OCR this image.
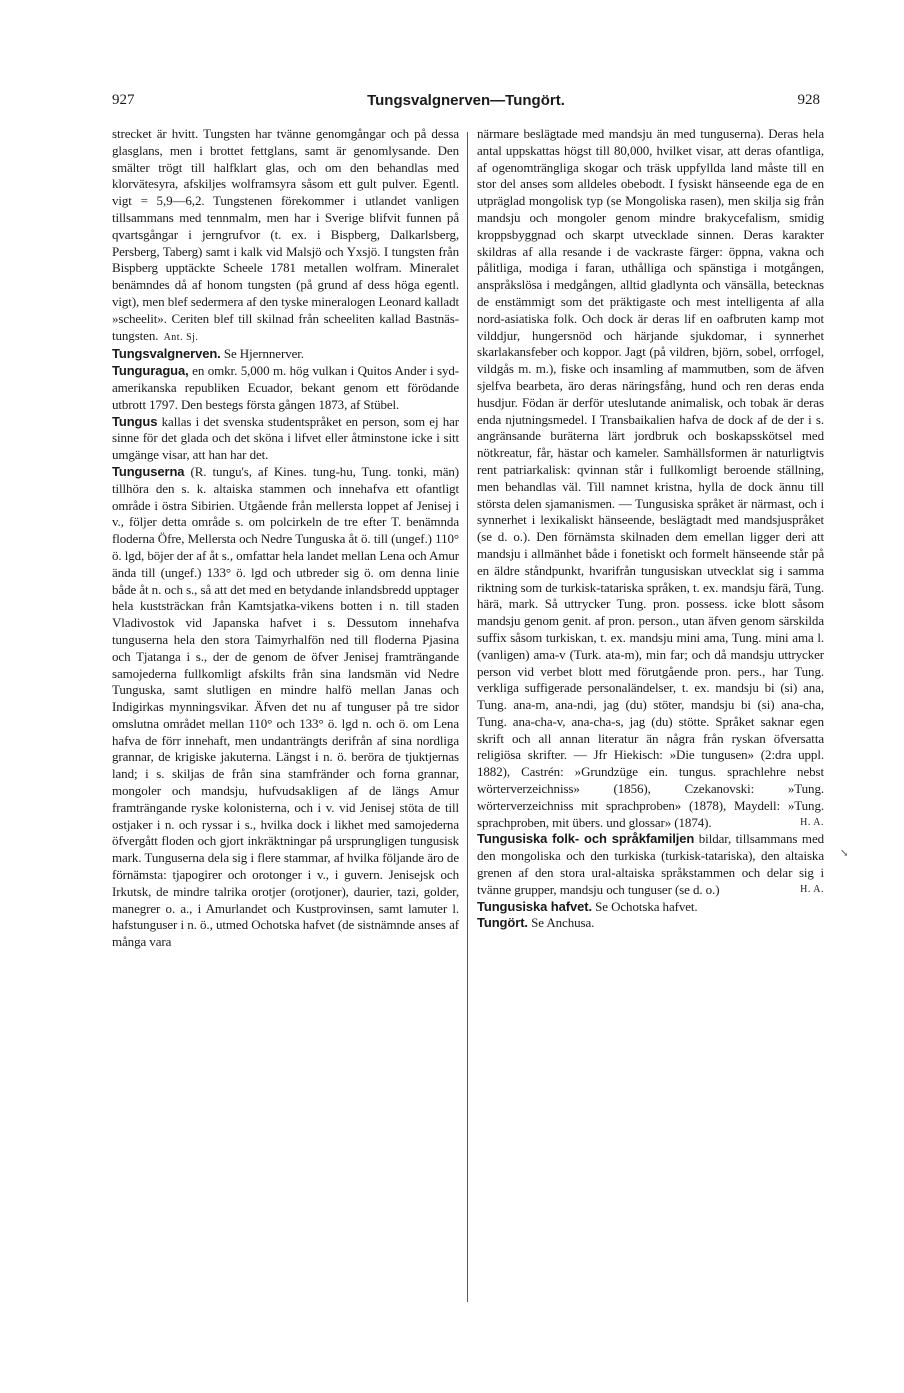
927	Tungsvalgnerven—Tungört.	928

strecket är hvitt. Tungsten har tvänne genomgångar och på dessa glasglans, men i brottet fettglans, samt är genomlysande. Den smälter trögt till halfklart glas, och om den behandlas med klorvätesyra, afskiljes wolframsyra såsom ett gult pulver. Egentl. vigt = 5,9—6,2. Tungstenen förekommer i utlandet vanligen tillsammans med tennmalm, men har i Sverige blifvit funnen på qvartsgångar i jerngrufvor (t. ex. i Bispberg, Dalkarlsberg, Persberg, Taberg) samt i kalk vid Malsjö och Yxsjö. I tungsten från Bispberg upptäckte Scheele 1781 metallen wolfram. Mineralet benämndes då af honom tungsten (på grund af dess höga egentl. vigt), men blef sedermera af den tyske mineralogen Leonard kalladt »scheelit». Ceriten blef till skilnad från scheeliten kallad Bastnäs-tungsten. Ant. Sj.

Tungsvalgnerven. Se Hjernnerver.

Tunguragua, en omkr. 5,000 m. hög vulkan i Quitos Ander i syd-amerikanska republiken Ecuador, bekant genom ett förödande utbrott 1797. Den bestegs första gången 1873, af Stübel.

Tungus kallas i det svenska studentspråket en person, som ej har sinne för det glada och det sköna i lifvet eller åtminstone icke i sitt umgänge visar, att han har det.

Tunguserna (R. tungu's, af Kines. tung-hu, Tung. tonki, män) tillhöra den s. k. altaiska stammen och innehafva ett ofantligt område i östra Sibirien. Utgående från mellersta loppet af Jenisej i v., följer detta område s. om polcirkeln de tre efter T. benämnda floderna Öfre, Mellersta och Nedre Tunguska åt ö. till (ungef.) 110° ö. lgd, böjer der af åt s., omfattar hela landet mellan Lena och Amur ända till (ungef.) 133° ö. lgd och utbreder sig ö. om denna linie både åt n. och s., så att det med en betydande inlandsbredd upptager hela kuststräckan från Kamtsjatka-vikens botten i n. till staden Vladivostok vid Japanska hafvet i s. Dessutom innehafva tunguserna hela den stora Taimyrhalfön ned till floderna Pjasina och Tjatanga i s., der de genom de öfver Jenisej framträngande samojederna fullkomligt afskilts från sina landsmän vid Nedre Tunguska, samt slutligen en mindre halfö mellan Janas och Indigirkas mynningsvikar. Äfven det nu af tunguser på tre sidor omslutna området mellan 110° och 133° ö. lgd n. och ö. om Lena hafva de förr innehaft, men undanträngts derifrån af sina nordliga grannar, de krigiske jakuterna. Längst i n. ö. beröra de tjuktjernas land; i s. skiljas de från sina stamfränder och forna grannar, mongoler och mandsju, hufvudsakligen af de längs Amur framträngande ryske kolonisterna, och i v. vid Jenisej stöta de till ostjaker i n. och ryssar i s., hvilka dock i likhet med samojederna öfvergått floden och gjort inkräktningar på ursprungligen tungusisk mark. Tunguserna dela sig i flere stammar, af hvilka följande äro de förnämsta: tjapogirer och orotonger i v., i guvern. Jenisejsk och Irkutsk, de mindre talrika orotjer (orotjoner), daurier, tazi, golder, manegrer o. a., i Amurlandet och Kustprovinsen, samt lamuter l. hafstunguser i n. ö., utmed Ochotska hafvet (de sistnämnde anses af många vara

närmare beslägtade med mandsju än med tunguserna). Deras hela antal uppskattas högst till 80,000, hvilket visar, att deras ofantliga, af ogenomträngliga skogar och träsk uppfyllda land måste till en stor del anses som alldeles obebodt. I fysiskt hänseende ega de en utpräglad mongolisk typ (se Mongoliska rasen), men skilja sig från mandsju och mongoler genom mindre brakycefalism, smidig kroppsbyggnad och skarpt utvecklade sinnen. Deras karakter skildras af alla resande i de vackraste färger: öppna, vakna och pålitliga, modiga i faran, uthålliga och spänstiga i motgången, anspråkslösa i medgången, alltid gladlynta och vänsälla, betecknas de enstämmigt som det präktigaste och mest intelligenta af alla nord-asiatiska folk. Och dock är deras lif en oafbruten kamp mot vilddjur, hungersnöd och härjande sjukdomar, i synnerhet skarlakansfeber och koppor. Jagt (på vildren, björn, sobel, orrfogel, vildgås m. m.), fiske och insamling af mammutben, som de äfven sjelfva bearbeta, äro deras näringsfång, hund och ren deras enda husdjur. Födan är derför uteslutande animalisk, och tobak är deras enda njutningsmedel. I Transbaikalien hafva de dock af de der i s. angränsande buräterna lärt jordbruk och boskapsskötsel med nötkreatur, får, hästar och kameler. Samhällsformen är naturligtvis rent patriarkalisk: qvinnan står i fullkomligt beroende ställning, men behandlas väl. Till namnet kristna, hylla de dock ännu till största delen sjamanismen. — Tungusiska språket är närmast, och i synnerhet i lexikaliskt hänseende, beslägtadt med mandsjuspråket (se d. o.). Den förnämsta skilnaden dem emellan ligger deri att mandsju i allmänhet både i fonetiskt och formelt hänseende står på en äldre ståndpunkt, hvarifrån tungusiskan utvecklat sig i samma riktning som de turkisk-tatariska språken, t. ex. mandsju färä, Tung. härä, mark. Så uttrycker Tung. pron. possess. icke blott såsom mandsju genom genit. af pron. person., utan äfven genom särskilda suffix såsom turkiskan, t. ex. mandsju mini ama, Tung. mini ama l. (vanligen) ama-v (Turk. ata-m), min far; och då mandsju uttrycker person vid verbet blott med förutgående pron. pers., har Tung. verkliga suffigerade personaländelser, t. ex. mandsju bi (si) ana, Tung. ana-m, ana-ndi, jag (du) stöter, mandsju bi (si) ana-cha, Tung. ana-cha-v, ana-cha-s, jag (du) stötte. Språket saknar egen skrift och all annan literatur än några från ryskan öfversatta religiösa skrifter. — Jfr Hiekisch: »Die tungusen» (2:dra uppl. 1882), Castrén: »Grundzüge ein. tungus. sprachlehre nebst wörterverzeichniss» (1856), Czekanovski: »Tung. wörterverzeichniss mit sprachproben» (1878), Maydell: »Tung. sprachproben, mit übers. und glossar» (1874).	H. A.

Tungusiska folk- och språkfamiljen bildar, tillsammans med den mongoliska och den turkiska (turkisk-tatariska), den altaiska grenen af den stora ural-altaiska språkstammen och delar sig i tvänne grupper, mandsju och tunguser (se d. o.)	H. A.

Tungusiska hafvet. Se Ochotska hafvet.

Tungört. Se Anchusa.

↘
